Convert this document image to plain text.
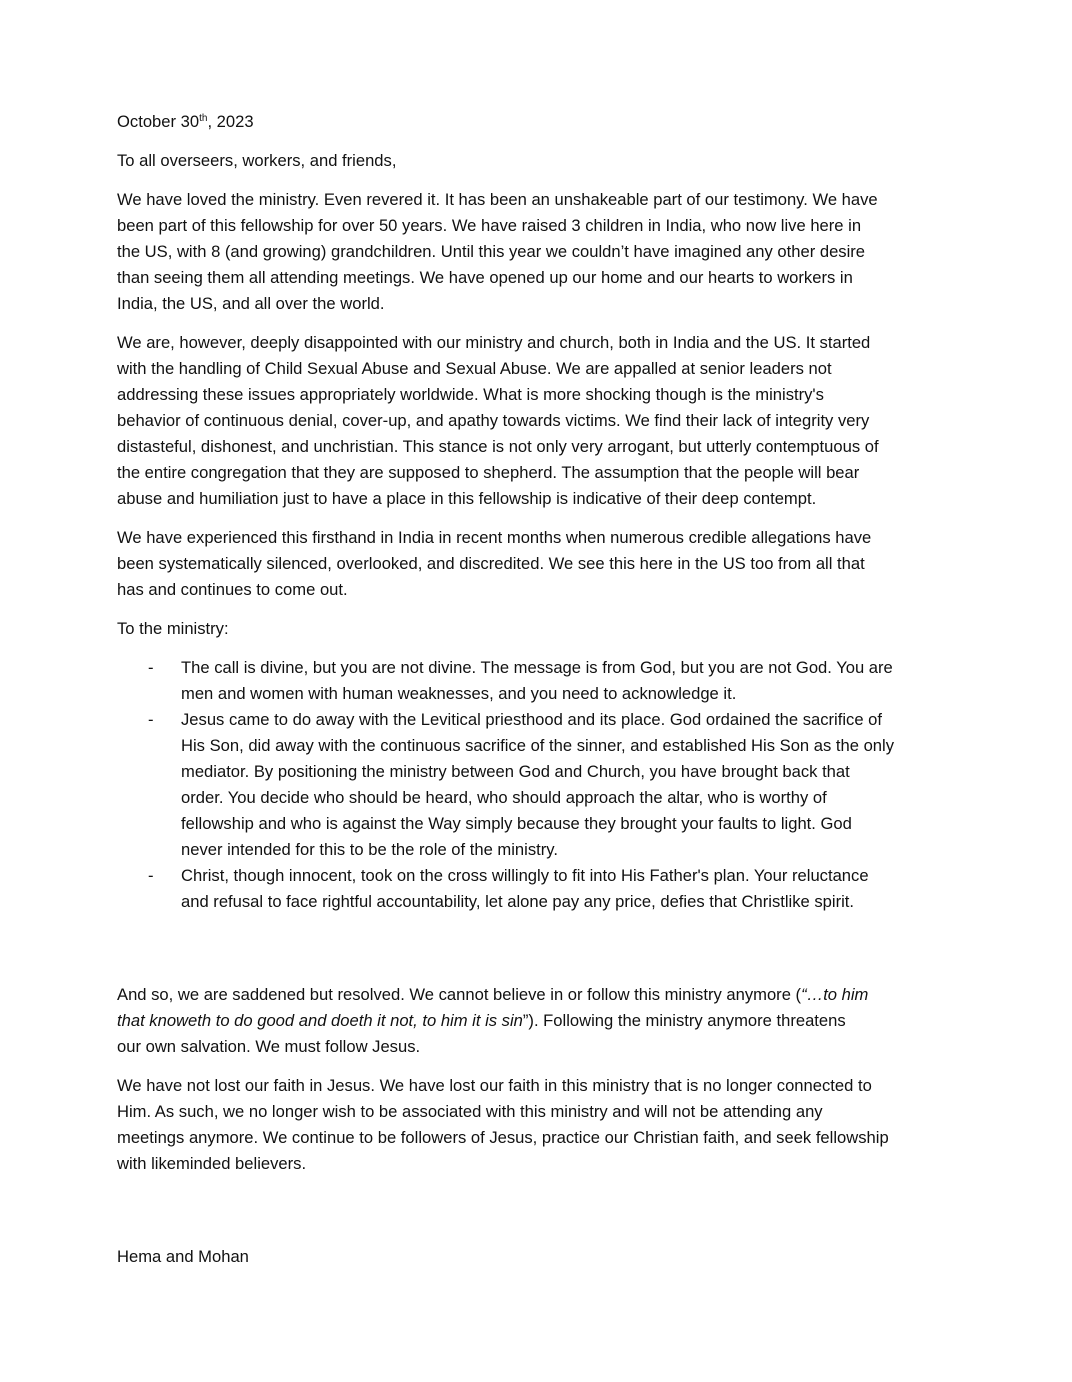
October 30th, 2023
To all overseers, workers, and friends,
We have loved the ministry. Even revered it. It has been an unshakeable part of our testimony. We have
been part of this fellowship for over 50 years. We have raised 3 children in India, who now live here in
the US, with 8 (and growing) grandchildren. Until this year we couldn’t have imagined any other desire
than seeing them all attending meetings. We have opened up our home and our hearts to workers in
India, the US, and all over the world.
We are, however, deeply disappointed with our ministry and church, both in India and the US. It started
with the handling of Child Sexual Abuse and Sexual Abuse. We are appalled at senior leaders not
addressing these issues appropriately worldwide. What is more shocking though is the ministry's
behavior of continuous denial, cover-up, and apathy towards victims. We find their lack of integrity very
distasteful, dishonest, and unchristian. This stance is not only very arrogant, but utterly contemptuous of
the entire congregation that they are supposed to shepherd. The assumption that the people will bear
abuse and humiliation just to have a place in this fellowship is indicative of their deep contempt.
We have experienced this firsthand in India in recent months when numerous credible allegations have
been systematically silenced, overlooked, and discredited. We see this here in the US too from all that
has and continues to come out.
To the ministry:
- The call is divine, but you are not divine. The message is from God, but you are not God. You are
men and women with human weaknesses, and you need to acknowledge it.
- Jesus came to do away with the Levitical priesthood and its place. God ordained the sacrifice of
His Son, did away with the continuous sacrifice of the sinner, and established His Son as the only
mediator. By positioning the ministry between God and Church, you have brought back that
order. You decide who should be heard, who should approach the altar, who is worthy of
fellowship and who is against the Way simply because they brought your faults to light. God
never intended for this to be the role of the ministry.
- Christ, though innocent, took on the cross willingly to fit into His Father's plan. Your reluctance
and refusal to face rightful accountability, let alone pay any price, defies that Christlike spirit.
And so, we are saddened but resolved. We cannot believe in or follow this ministry anymore (“…to him
that knoweth to do good and doeth it not, to him it is sin”). Following the ministry anymore threatens
our own salvation. We must follow Jesus.
We have not lost our faith in Jesus. We have lost our faith in this ministry that is no longer connected to
Him. As such, we no longer wish to be associated with this ministry and will not be attending any
meetings anymore. We continue to be followers of Jesus, practice our Christian faith, and seek fellowship
with likeminded believers.
Hema and Mohan
